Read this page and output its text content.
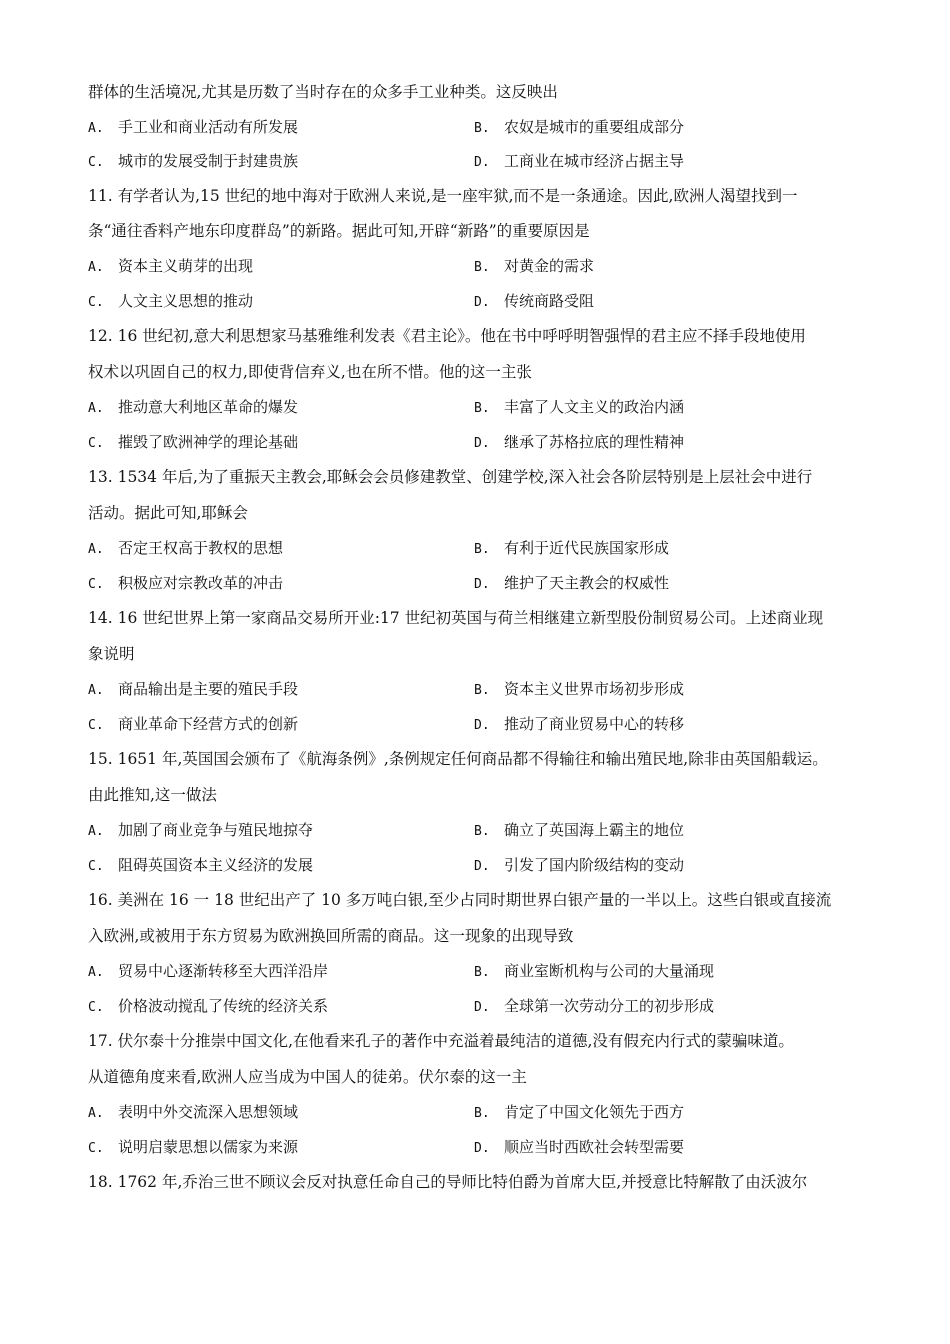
群体的生活境况,尤其是历数了当时存在的众多手工业种类。这反映出
A. 手工业和商业活动有所发展	B. 农奴是城市的重要组成部分
C. 城市的发展受制于封建贵族	D. 工商业在城市经济占据主导
11. 有学者认为,15 世纪的地中海对于欧洲人来说,是一座牢狱,而不是一条通途。因此,欧洲人渴望找到一
条“通往香料产地东印度群岛”的新路。据此可知,开辟“新路”的重要原因是
A. 资本主义萌芽的出现	B. 对黄金的需求
C. 人文主义思想的推动	D. 传统商路受阻
12. 16 世纪初,意大利思想家马基雅维利发表《君主论》。他在书中呼呼明智强悍的君主应不择手段地使用
权术以巩固自己的权力,即使背信弃义,也在所不惜。他的这一主张
A. 推动意大利地区革命的爆发	B. 丰富了人文主义的政治内涵
C. 摧毁了欧洲神学的理论基础	D. 继承了苏格拉底的理性精神
13. 1534 年后,为了重振天主教会,耶稣会会员修建教堂、创建学校,深入社会各阶层特别是上层社会中进行
活动。据此可知,耶稣会
A. 否定王权高于教权的思想	B. 有利于近代民族国家形成
C. 积极应对宗教改革的冲击	D. 维护了天主教会的权威性
14. 16 世纪世界上第一家商品交易所开业:17 世纪初英国与荷兰相继建立新型股份制贸易公司。上述商业现
象说明
A. 商品输出是主要的殖民手段	B. 资本主义世界市场初步形成
C. 商业革命下经营方式的创新	D. 推动了商业贸易中心的转移
15. 1651 年,英国国会颁布了《航海条例》,条例规定任何商品都不得输往和输出殖民地,除非由英国船载运。
由此推知,这一做法
A. 加剧了商业竞争与殖民地掠夺	B. 确立了英国海上霸主的地位
C. 阻碍英国资本主义经济的发展	D. 引发了国内阶级结构的变动
16. 美洲在 16 一 18 世纪出产了 10 多万吨白银,至少占同时期世界白银产量的一半以上。这些白银或直接流
入欧洲,或被用于东方贸易为欧洲换回所需的商品。这一现象的出现导致
A. 贸易中心逐渐转移至大西洋沿岸	B. 商业室断机构与公司的大量涌现
C. 价格波动搅乱了传统的经济关系	D. 全球第一次劳动分工的初步形成
17. 伏尔泰十分推崇中国文化,在他看来孔子的著作中充溢着最纯洁的道德,没有假充内行式的蒙骗味道。
从道德角度来看,欧洲人应当成为中国人的徒弟。伏尔泰的这一主
A. 表明中外交流深入思想领域	B. 肯定了中国文化领先于西方
C. 说明启蒙思想以儒家为来源	D. 顺应当时西欧社会转型需要
18. 1762 年,乔治三世不顾议会反对执意任命自己的导师比特伯爵为首席大臣,并授意比特解散了由沃波尔
